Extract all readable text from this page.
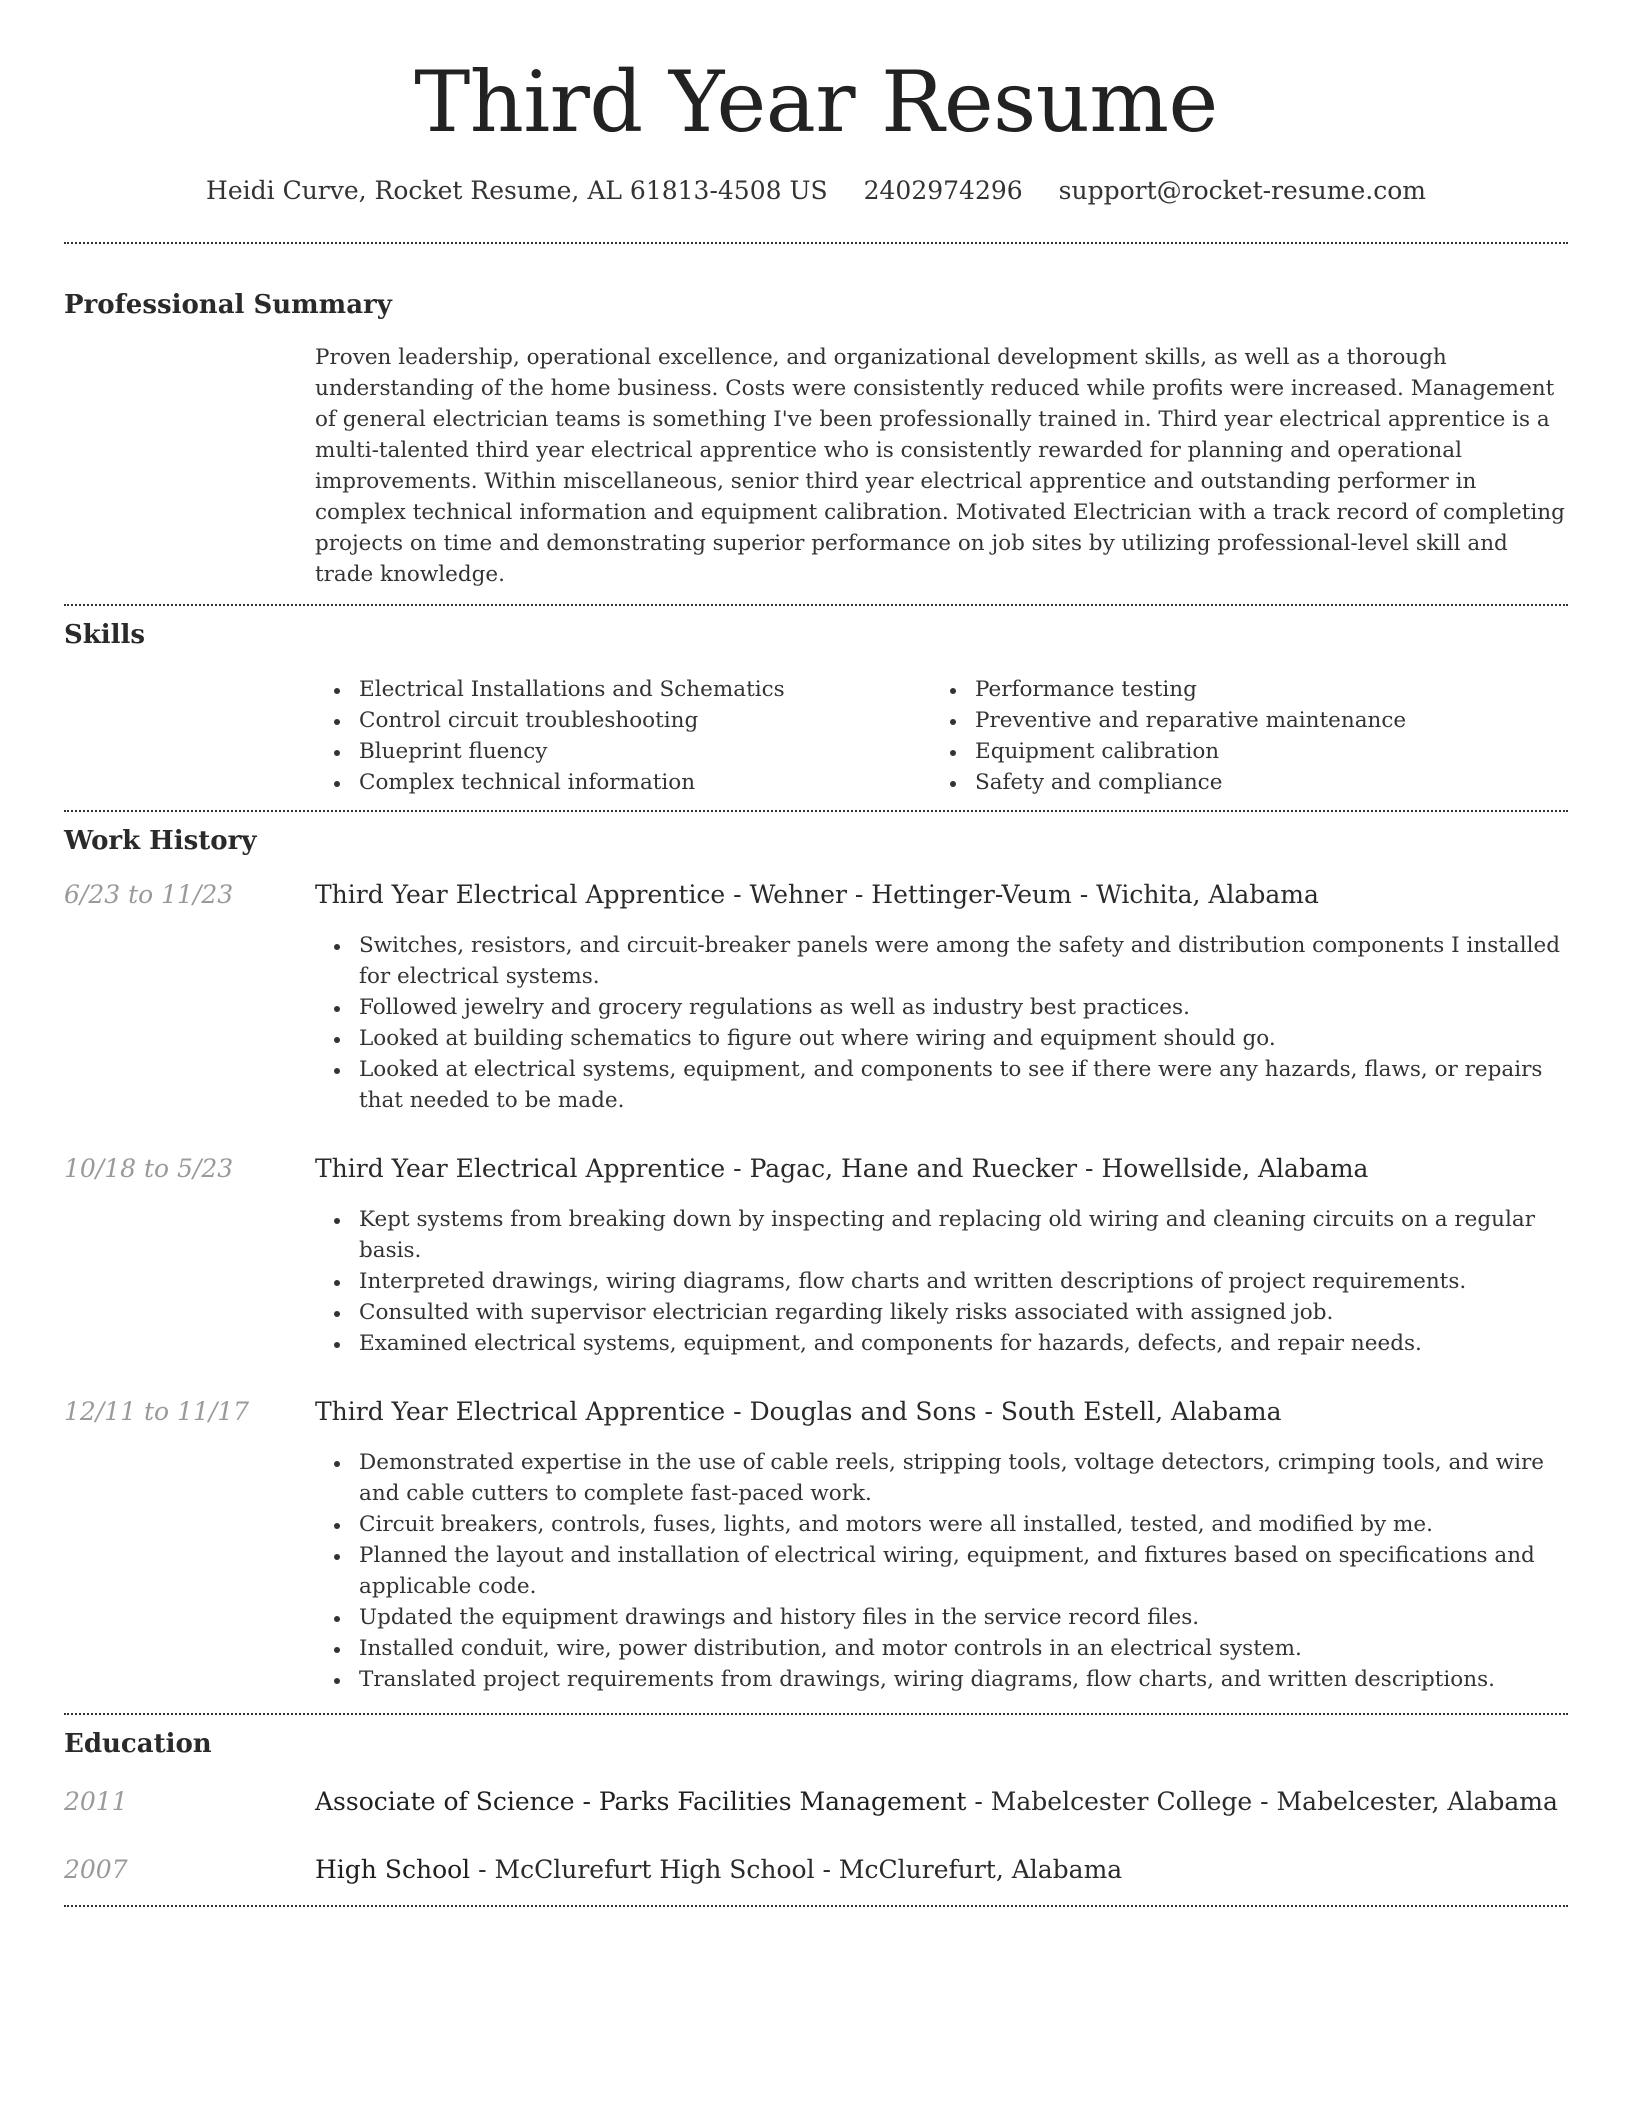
Third Year Resume
Heidi Curve, Rocket Resume, AL 61813-4508 US 2402974296 support@rocket-resume.com
Professional Summary

Proven leadership, operational excellence, and organizational development skills, as well as a thorough understanding of the home business. Costs were consistently reduced while profits were increased. Management of general electrician teams is something I've been professionally trained in. Third year electrical apprentice is a multi-talented third year electrical apprentice who is consistently rewarded for planning and operational improvements. Within miscellaneous, senior third year electrical apprentice and outstanding performer in complex technical information and equipment calibration. Motivated Electrician with a track record of completing projects on time and demonstrating superior performance on job sites by utilizing professional-level skill and trade knowledge.

Skills
Electrical Installations and Schematics
Control circuit troubleshooting
Blueprint fluency
Complex technical information
Performance testing
Preventive and reparative maintenance
Equipment calibration
Safety and compliance
Work History
6/23 to 11/23	Third Year Electrical Apprentice - Wehner - Hettinger-Veum - Wichita, Alabama
Switches, resistors, and circuit-breaker panels were among the safety and distribution components I installed for electrical systems.
Followed jewelry and grocery regulations as well as industry best practices.
Looked at building schematics to figure out where wiring and equipment should go.
Looked at electrical systems, equipment, and components to see if there were any hazards, flaws, or repairs that needed to be made.
10/18 to 5/23	Third Year Electrical Apprentice - Pagac, Hane and Ruecker - Howellside, Alabama
Kept systems from breaking down by inspecting and replacing old wiring and cleaning circuits on a regular basis.
Interpreted drawings, wiring diagrams, flow charts and written descriptions of project requirements.
Consulted with supervisor electrician regarding likely risks associated with assigned job.
Examined electrical systems, equipment, and components for hazards, defects, and repair needs.
12/11 to 11/17	Third Year Electrical Apprentice - Douglas and Sons - South Estell, Alabama
Demonstrated expertise in the use of cable reels, stripping tools, voltage detectors, crimping tools, and wire and cable cutters to complete fast-paced work.
Circuit breakers, controls, fuses, lights, and motors were all installed, tested, and modified by me.
Planned the layout and installation of electrical wiring, equipment, and fixtures based on specifications and applicable code.
Updated the equipment drawings and history files in the service record files.
Installed conduit, wire, power distribution, and motor controls in an electrical system.
Translated project requirements from drawings, wiring diagrams, flow charts, and written descriptions.
Education
2011	Associate of Science - Parks Facilities Management - Mabelcester College - Mabelcester, Alabama
2007	High School - McClurefurt High School - McClurefurt, Alabama
